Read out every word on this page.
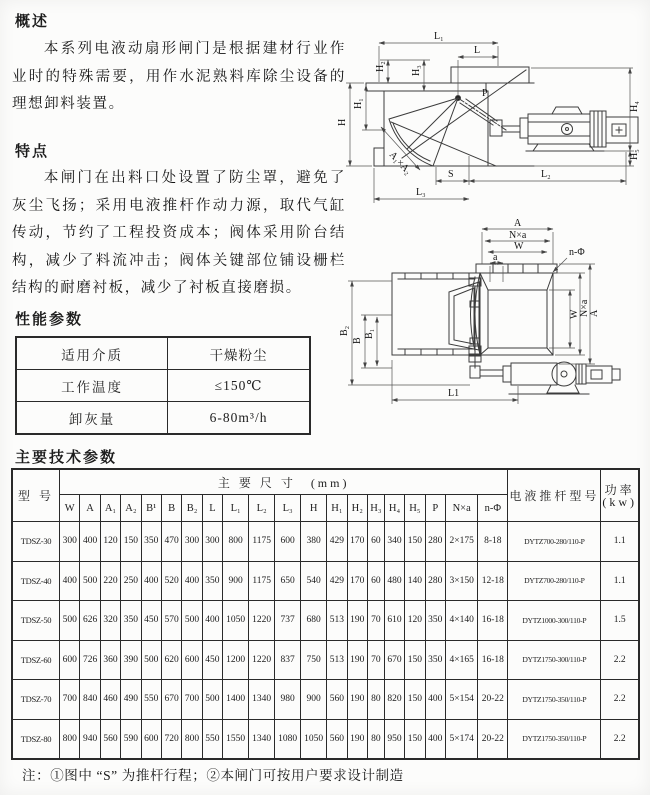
概述
本系列电液动扇形闸门是根据建材行业作业时的特殊需要，用作水泥熟料库除尘设备的理想卸料装置。
特点
本闸门在出料口处设置了防尘罩，避免了灰尘飞扬；采用电液推杆作动力源，取代气缸传动，节约了工程投资成本；阀体采用阶台结构，减少了料流冲击；阀体关键部位铺设栅栏结构的耐磨衬板，减少了衬板直接磨损。
性能参数
适用介质	干燥粉尘
工作温度	≤150℃
卸灰量	6-80m³/h
L₁
L
H₂	H₃
H
H₁
P
H₄
H₅
A₁×A₂	S	L₂
L₃
A
N×a
W
a	n-Φ
W N×a A
B₂
B
B₁
L1
主要技术参数
型 号	主 要 尺 寸　(mm)																				电液推杆型号	功率
(kw)
	W	A	A₁	A₂	B¹	B	B₂	L	L₁	L₂	L₃	H	H₁	H₂	H₃	H₄	H₅	P	N×a	n-Φ		
TDSZ-30	300	400	120	150	350	470	300	300	800	1175	600	380	429	170	60	340	150	280	2×175	8-18	DYTZ700-280/110-P	1.1
TDSZ-40	400	500	220	250	400	520	400	350	900	1175	650	540	429	170	60	480	140	280	3×150	12-18	DYTZ700-280/110-P	1.1
TDSZ-50	500	626	320	350	450	570	500	400	1050	1220	737	680	513	190	70	610	120	350	4×140	16-18	DYTZ1000-300/110-P	1.5
TDSZ-60	600	726	360	390	500	620	600	450	1200	1220	837	750	513	190	70	670	150	350	4×165	16-18	DYTZ1750-300/110-P	2.2
TDSZ-70	700	840	460	490	550	670	700	500	1400	1340	980	900	560	190	80	820	150	400	5×154	20-22	DYTZ1750-350/110-P	2.2
TDSZ-80	800	940	560	590	600	720	800	550	1550	1340	1080	1050	560	190	80	950	150	400	5×174	20-22	DYTZ1750-350/110-P	2.2
注：①图中 “S” 为推杆行程；②本闸门可按用户要求设计制造
